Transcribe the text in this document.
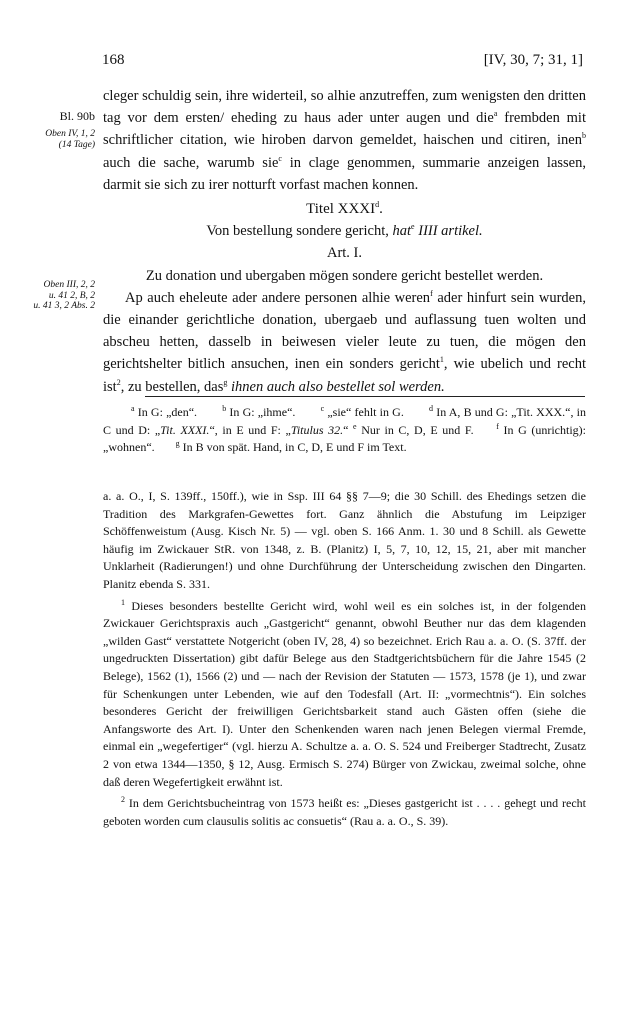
168	[IV, 30, 7; 31, 1]
Bl. 90b
Oben IV, 1, 2
(14 Tage)
Oben III, 2, 2
u. 41 2, B, 2
u. 41 3, 2 Abs. 2

cleger schuldig sein, ihre widerteil, so alhie anzutreffen, zum wenigsten den dritten tag vor dem ersten/ eheding zu haus ader unter augen und die$^a$ frembden mit schriftlicher citation, wie hiroben darvon gemeldet, haischen und citiren, inen$^b$ auch die sache, warumb sie$^c$ in clage genommen, summarie anzeigen lassen, darmit sie sich zu irer notturft vorfast machen konnen.

Titel XXXI$^d$.

Von bestellung sondere gericht, hat$^e$ IIII artikel.

Art. I.

Zu donation und ubergaben mögen sondere gericht bestellet werden.

Ap auch eheleute ader andere personen alhie weren$^f$ ader hinfurt sein wurden, die einander gerichtliche donation, ubergaeb und auflassung tuen wolten und abscheu hetten, dasselb in beiwesen vieler leute zu tuen, die mögen den gerichtshelter bitlich ansuchen, inen ein sonders gericht$^1$, wie ubelich und recht ist$^2$, zu bestellen, das$^g$ ihnen auch also bestellet sol werden.

$^a$ In G: „den“.	$^b$ In G: „ihme“.	$^c$ „sie“ fehlt in G.	$^d$ In A, B und G: „Tit. XXX.“, in C und D: „Tit. XXXI.“, in E und F: „Titulus 32.“ $^e$ Nur in C, D, E und F.	$^f$ In G (unrichtig): „wohnen“.	$^g$ In B von spät. Hand, in C, D, E und F im Text.

a. a. O., I, S. 139ff., 150ff.), wie in Ssp. III 64 §§ 7—9; die 30 Schill. des Ehedings setzen die Tradition des Markgrafen-Gewettes fort. Ganz ähnlich die Abstufung im Leipziger Schöffenweistum (Ausg. Kisch Nr. 5) — vgl. oben S. 166 Anm. 1. 30 und 8 Schill. als Gewette häufig im Zwickauer StR. von 1348, z. B. (Planitz) I, 5, 7, 10, 12, 15, 21, aber mit mancher Unklarheit (Radierungen!) und ohne Durchführung der Unterscheidung zwischen den Dingarten. Planitz ebenda S. 331.

$^1$ Dieses besonders bestellte Gericht wird, wohl weil es ein solches ist, in der folgenden Zwickauer Gerichtspraxis auch „Gastgericht“ genannt, obwohl Beuther nur das dem klagenden „wilden Gast“ verstattete Notgericht (oben IV, 28, 4) so bezeichnet. Erich Rau a. a. O. (S. 37ff. der ungedruckten Dissertation) gibt dafür Belege aus den Stadtgerichtsbüchern für die Jahre 1545 (2 Belege), 1562 (1), 1566 (2) und — nach der Revision der Statuten — 1573, 1578 (je 1), und zwar für Schenkungen unter Lebenden, wie auf den Todesfall (Art. II: „vormechtnis“). Ein solches besonderes Gericht der freiwilligen Gerichtsbarkeit stand auch Gästen offen (siehe die Anfangsworte des Art. I). Unter den Schenkenden waren nach jenen Belegen viermal Fremde, einmal ein „wegefertiger“ (vgl. hierzu A. Schultze a. a. O. S. 524 und Freiberger Stadtrecht, Zusatz 2 von etwa 1344—1350, § 12, Ausg. Ermisch S. 274) Bürger von Zwickau, zweimal solche, ohne daß deren Wegefertigkeit erwähnt ist.

$^2$ In dem Gerichtsbucheintrag von 1573 heißt es: „Dieses gastgericht ist . . . . gehegt und recht geboten worden cum clausulis solitis ac consuetis“ (Rau a. a. O., S. 39).
